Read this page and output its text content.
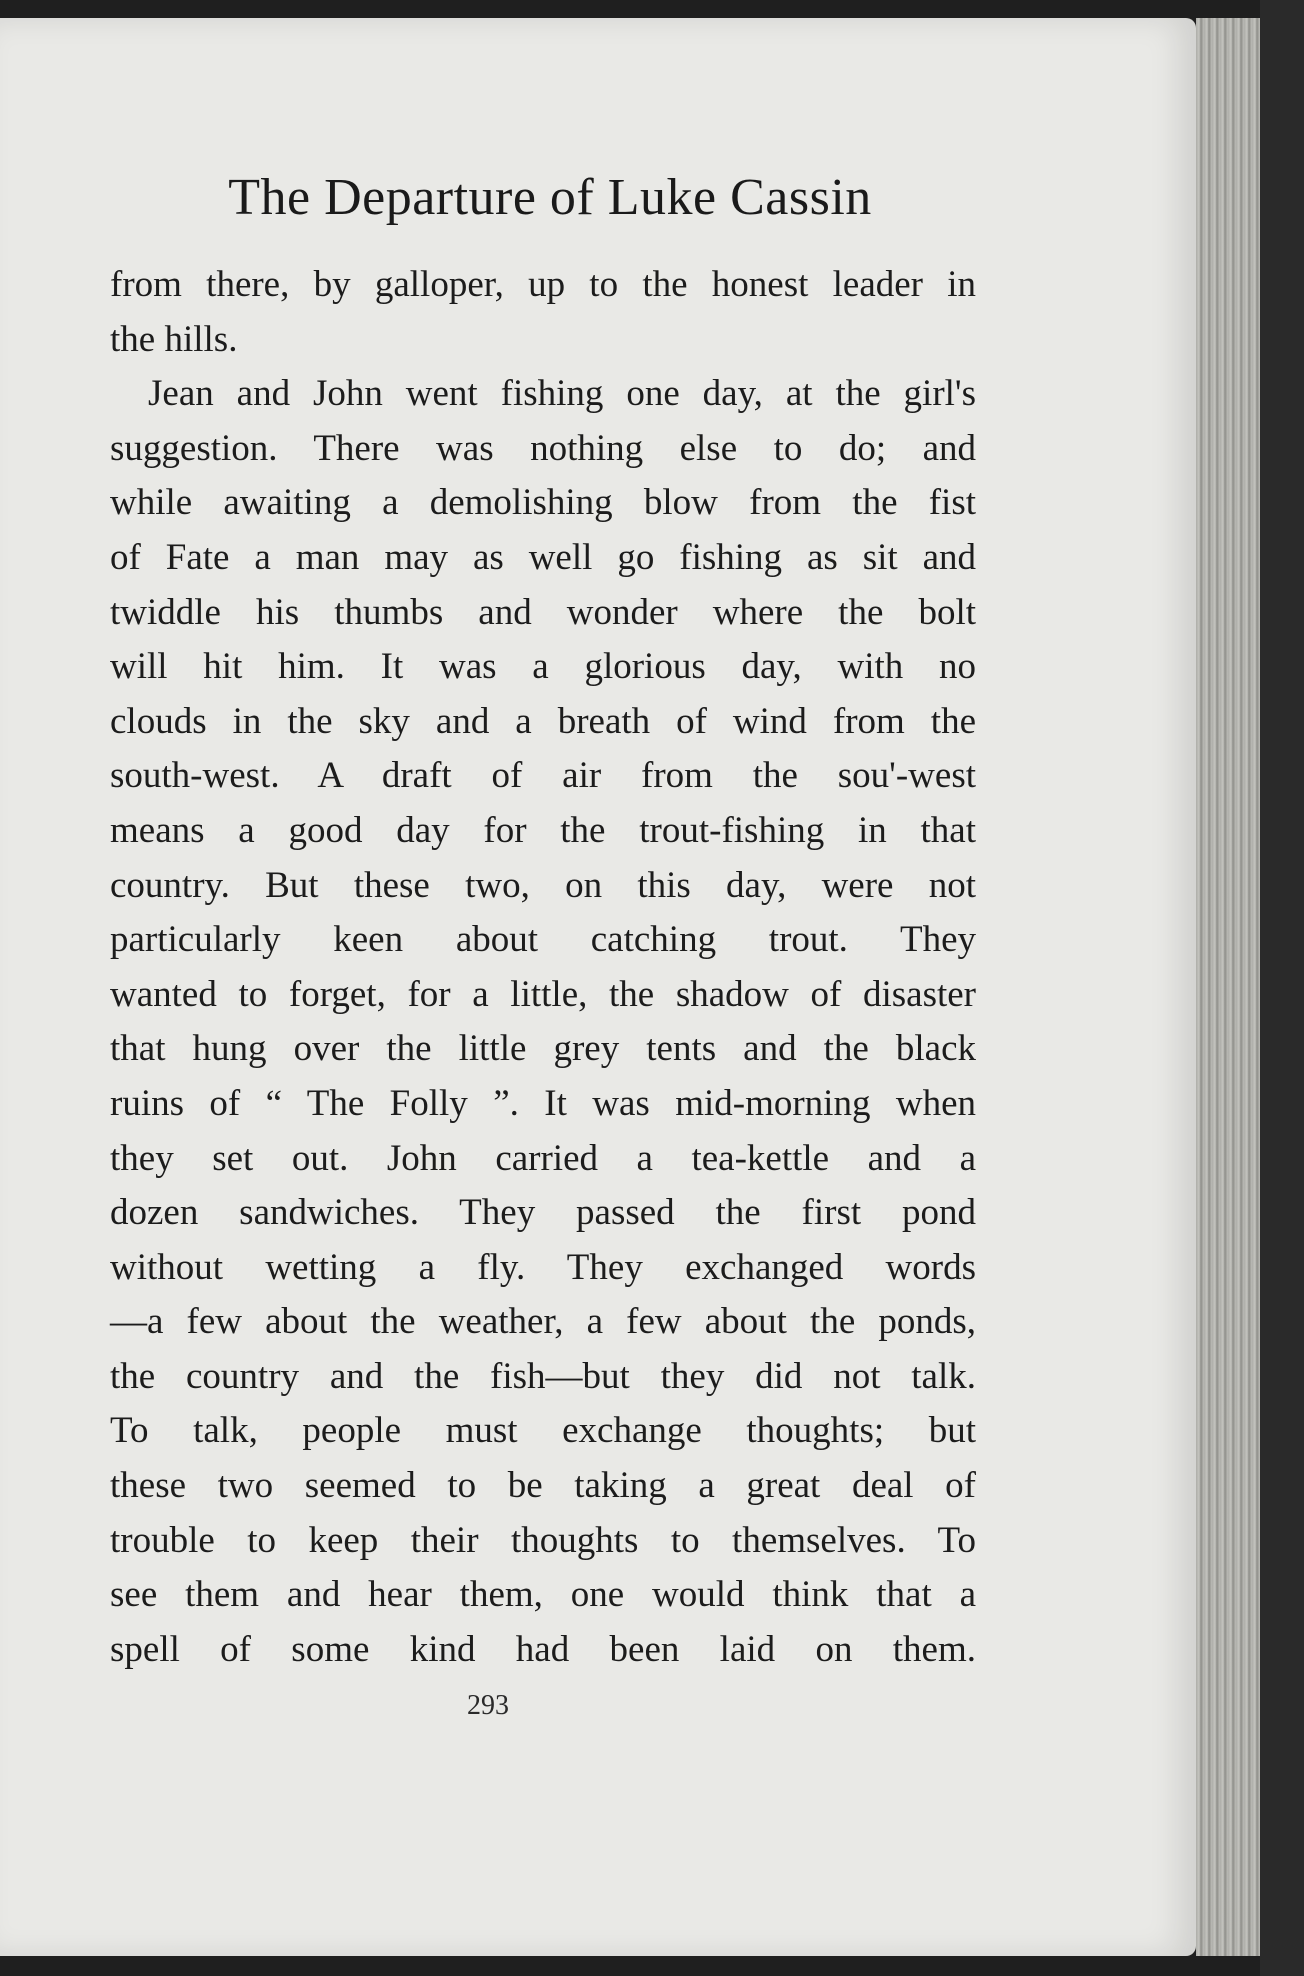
The Departure of Luke Cassin
from there, by galloper, up to the honest leader in
the hills.
Jean and John went fishing one day, at the girl's
suggestion. There was nothing else to do; and
while awaiting a demolishing blow from the fist
of Fate a man may as well go fishing as sit and
twiddle his thumbs and wonder where the bolt
will hit him. It was a glorious day, with no
clouds in the sky and a breath of wind from the
south-west. A draft of air from the sou'-west
means a good day for the trout-fishing in that
country. But these two, on this day, were not
particularly keen about catching trout. They
wanted to forget, for a little, the shadow of disaster
that hung over the little grey tents and the black
ruins of “ The Folly ”. It was mid-morning when
they set out. John carried a tea-kettle and a
dozen sandwiches. They passed the first pond
without wetting a fly. They exchanged words
—a few about the weather, a few about the ponds,
the country and the fish—but they did not talk.
To talk, people must exchange thoughts; but
these two seemed to be taking a great deal of
trouble to keep their thoughts to themselves. To
see them and hear them, one would think that a
spell of some kind had been laid on them.
293
